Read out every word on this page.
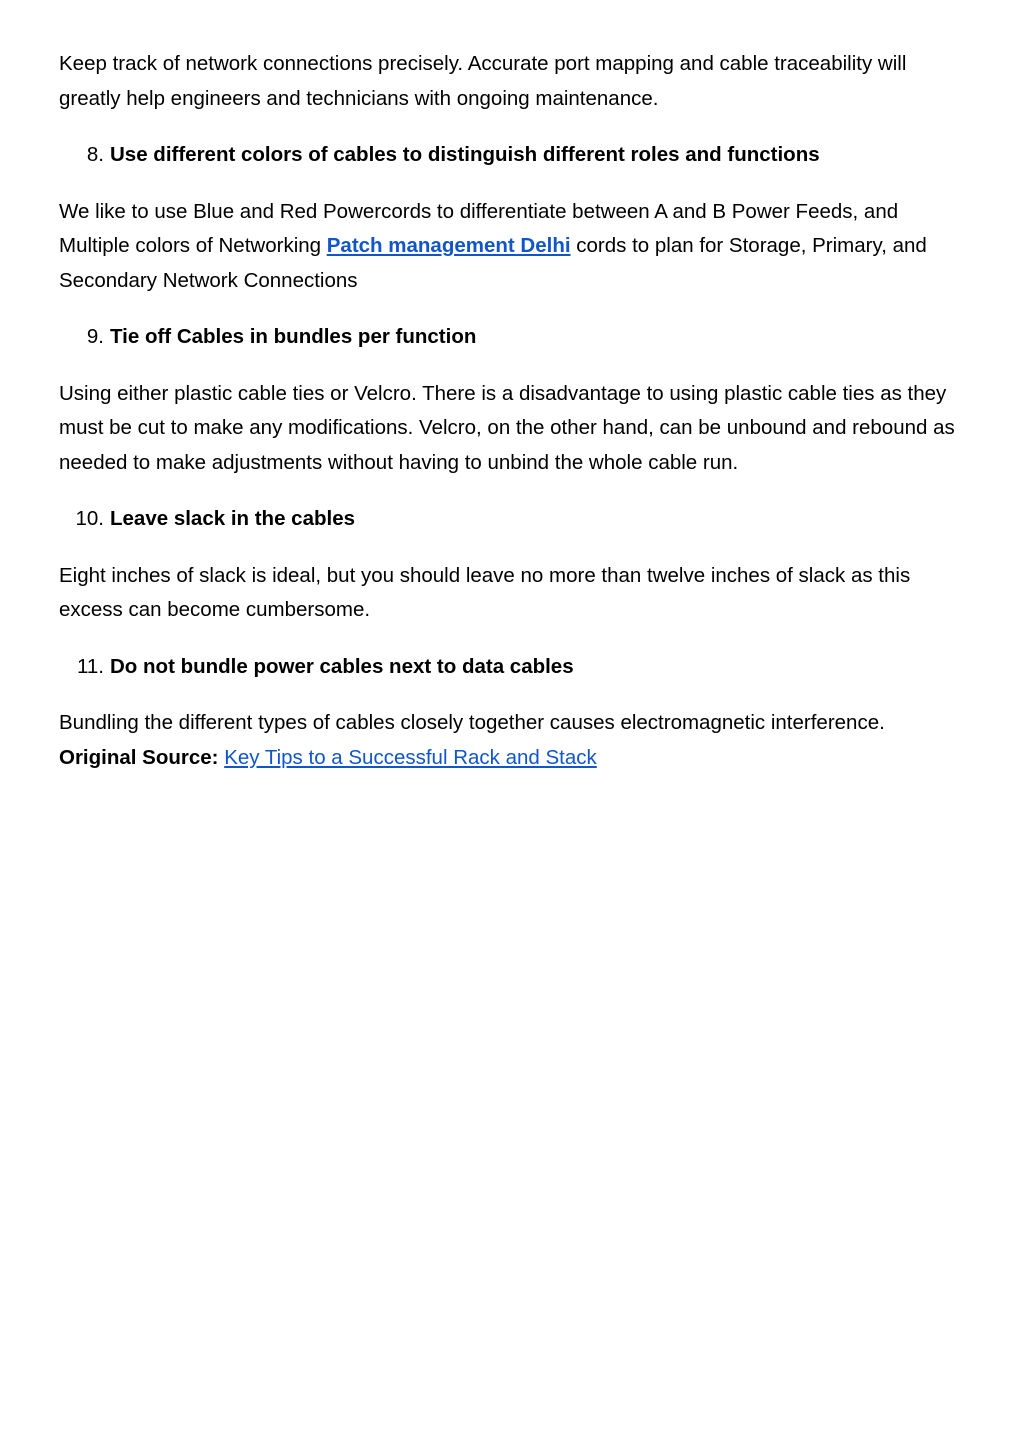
Keep track of network connections precisely. Accurate port mapping and cable traceability will greatly help engineers and technicians with ongoing maintenance.

8. Use different colors of cables to distinguish different roles and functions

We like to use Blue and Red Powercords to differentiate between A and B Power Feeds, and Multiple colors of Networking Patch management Delhi cords to plan for Storage, Primary, and Secondary Network Connections

9. Tie off Cables in bundles per function

Using either plastic cable ties or Velcro. There is a disadvantage to using plastic cable ties as they must be cut to make any modifications. Velcro, on the other hand, can be unbound and rebound as needed to make adjustments without having to unbind the whole cable run.

10. Leave slack in the cables

Eight inches of slack is ideal, but you should leave no more than twelve inches of slack as this excess can become cumbersome.

11. Do not bundle power cables next to data cables

Bundling the different types of cables closely together causes electromagnetic interference.

Original Source: Key Tips to a Successful Rack and Stack
